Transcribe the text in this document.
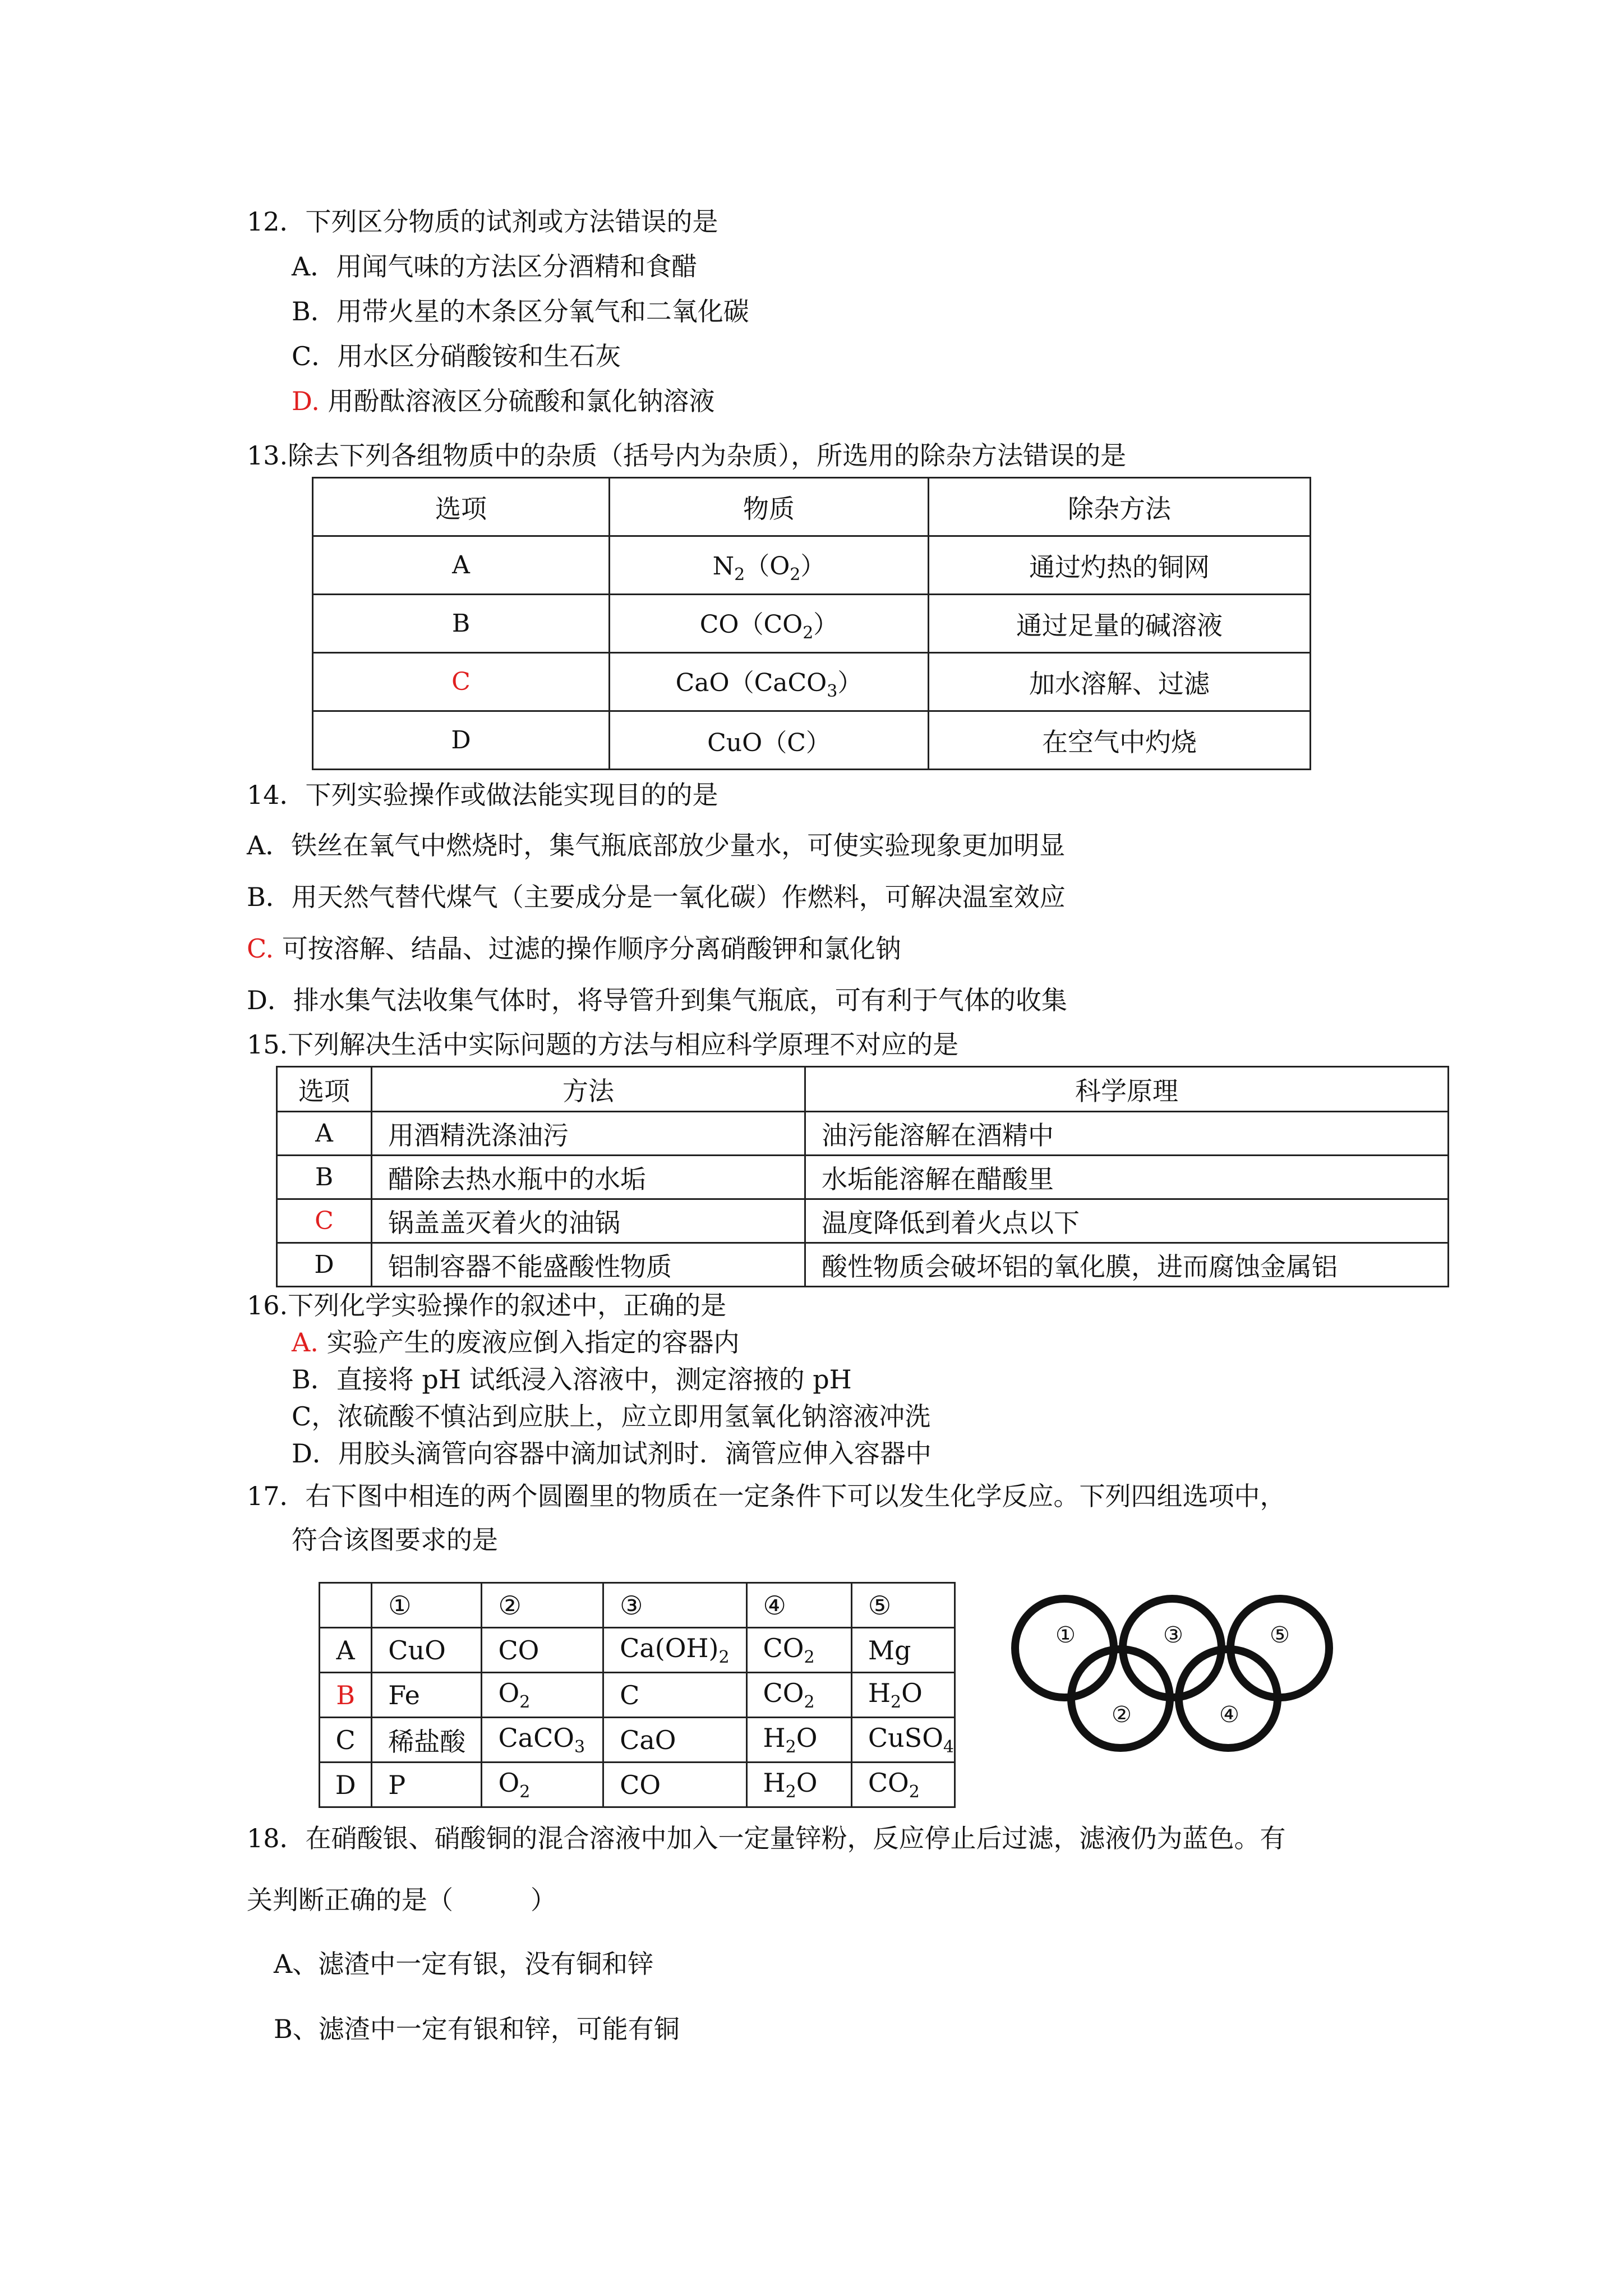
12．下列区分物质的试剂或方法错误的是
A．用闻气味的方法区分酒精和食醋
B．用带火星的木条区分氧气和二氧化碳
C．用水区分硝酸铵和生石灰
D. 用酚酞溶液区分硫酸和氯化钠溶液
13.除去下列各组物质中的杂质（括号内为杂质），所选用的除杂方法错误的是
选项	物质	除杂方法
A	$N_2(O_2)$	通过灼热的铜网
B	$CO(CO_2)$	通过足量的碱溶液
C	CaO（CaCO$_3$）	加水溶解、过滤
D	CuO（C）	在空气中灼烧
14．下列实验操作或做法能实现目的的是
A．铁丝在氧气中燃烧时，集气瓶底部放少量水，可使实验现象更加明显
B．用天然气替代煤气（主要成分是一氧化碳）作燃料，可解决温室效应
C. 可按溶解、结晶、过滤的操作顺序分离硝酸钾和氯化钠
D．排水集气法收集气体时，将导管升到集气瓶底，可有利于气体的收集
15.下列解决生活中实际问题的方法与相应科学原理不对应的是
选项	方法	科学原理
A	用酒精洗涤油污	油污能溶解在酒精中
B	醋除去热水瓶中的水垢	水垢能溶解在醋酸里
C	锅盖盖灭着火的油锅	温度降低到着火点以下
D	铝制容器不能盛酸性物质	酸性物质会破坏铝的氧化膜，进而腐蚀金属铝
16.下列化学实验操作的叙述中，正确的是
A. 实验产生的废液应倒入指定的容器内
B．直接将 pH 试纸浸入溶液中，测定溶掖的 pH
C，浓硫酸不慎沾到应肤上，应立即用氢氧化钠溶液冲洗
D．用胶头滴管向容器中滴加试剂时．滴管应伸入容器中
17．右下图中相连的两个圆圈里的物质在一定条件下可以发生化学反应。下列四组选项中，
符合该图要求的是
	①	②	③	④	⑤
A	CuO	CO	$Ca(OH)_2$	$CO_2$	Mg
B	Fe	$O_2$	C	$CO_2$	$H_2O$
C	稀盐酸	CaCO$_3$	CaO	$H_2O$	CuSO$_4$
D	P	$O_2$	CO	$H_2O$	$CO_2$
①	③	⑤
②	④
18．在硝酸银、硝酸铜的混合溶液中加入一定量锌粉，反应停止后过滤，滤液仍为蓝色。有
关判断正确的是（　　　）
A、滤渣中一定有银，没有铜和锌
B、滤渣中一定有银和锌，可能有铜
